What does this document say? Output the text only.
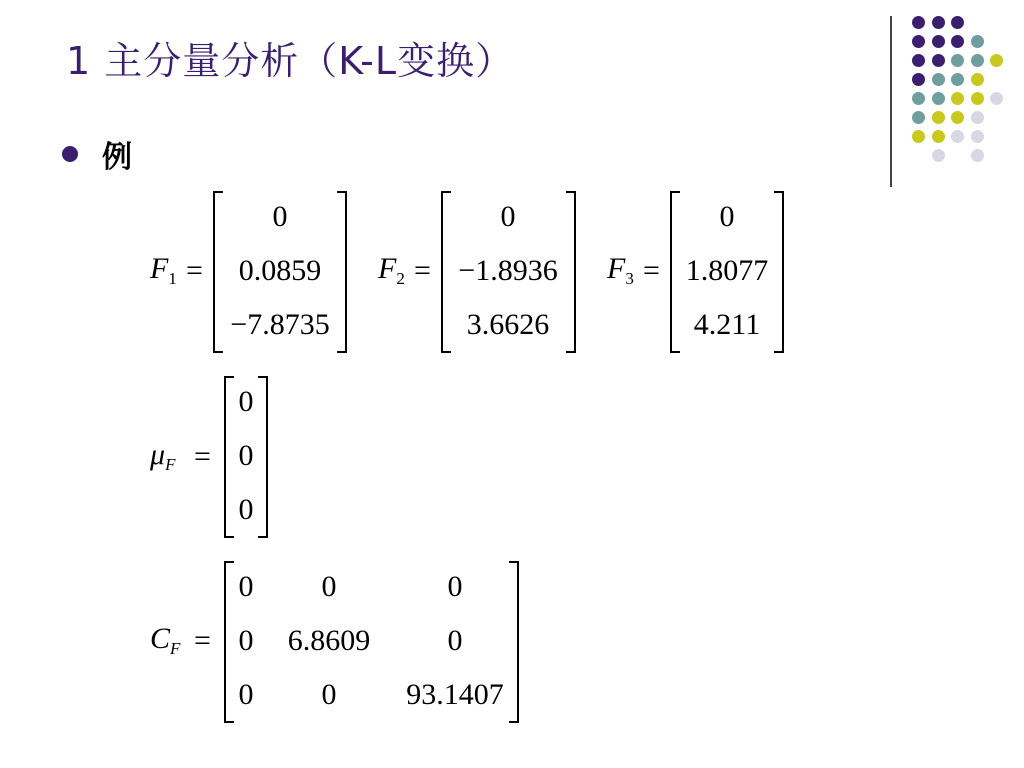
1 主分量分析（K-L变换）
例
$F_1$ =
0
0.0859
−7.8735
$F_2$ =
0
−1.8936
3.6626
$F_3$ =
0
1.8077
4.211
$\mu_F$ =
0
0
0
$C_F$ =
0 0	0
0 6.8609	0
0 0 93.1407
